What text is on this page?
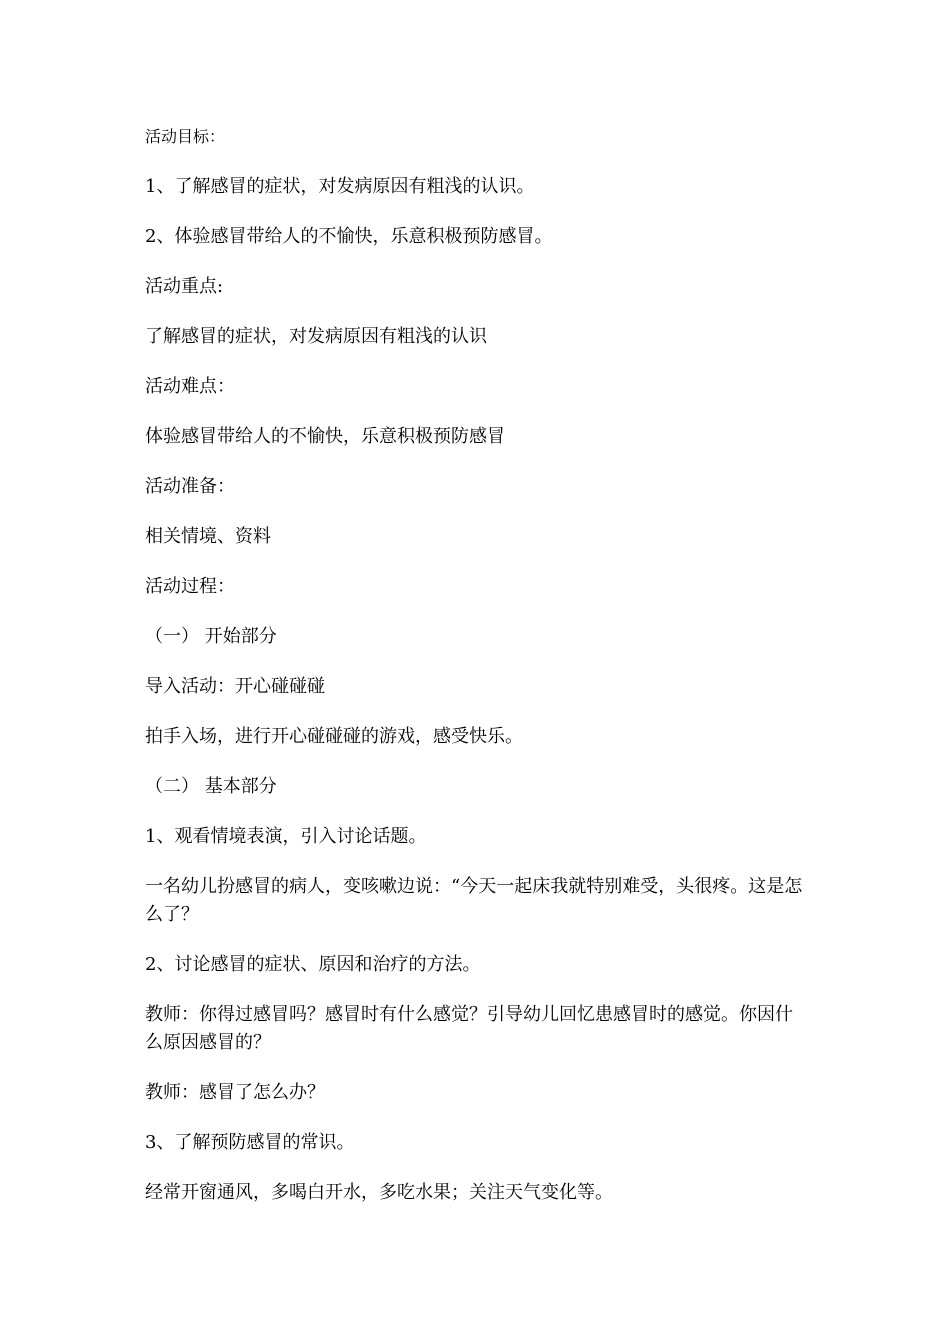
活动目标：

1、了解感冒的症状，对发病原因有粗浅的认识。

2、体验感冒带给人的不愉快，乐意积极预防感冒。

活动重点:

了解感冒的症状，对发病原因有粗浅的认识

活动难点：

体验感冒带给人的不愉快，乐意积极预防感冒

活动准备：

相关情境、资料

活动过程：

（一） 开始部分

导入活动：开心碰碰碰

拍手入场，进行开心碰碰碰的游戏，感受快乐。

（二） 基本部分

1、观看情境表演，引入讨论话题。

一名幼儿扮感冒的病人，变咳嗽边说：“今天一起床我就特别难受，头很疼。这是怎么了？

2、讨论感冒的症状、原因和治疗的方法。

教师：你得过感冒吗？感冒时有什么感觉？引导幼儿回忆患感冒时的感觉。你因什么原因感冒的？

教师：感冒了怎么办？

3、了解预防感冒的常识。

经常开窗通风，多喝白开水，多吃水果；关注天气变化等。
